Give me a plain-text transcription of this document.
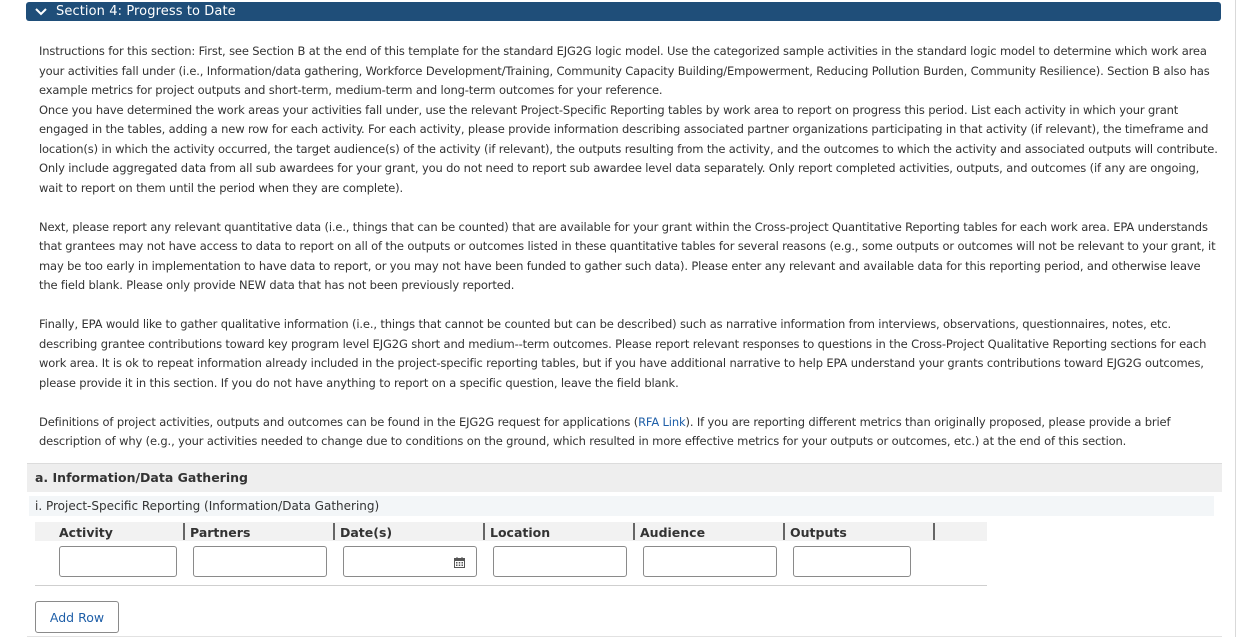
Section 4: Progress to Date

Instructions for this section: First, see Section B at the end of this template for the standard EJG2G logic model. Use the categorized sample activities in the standard logic model to determine which work area your activities fall under (i.e., Information/data gathering, Workforce Development/Training, Community Capacity Building/Empowerment, Reducing Pollution Burden, Community Resilience). Section B also has example metrics for project outputs and short-term, medium-term and long-term outcomes for your reference.

Once you have determined the work areas your activities fall under, use the relevant Project-Specific Reporting tables by work area to report on progress this period. List each activity in which your grant engaged in the tables, adding a new row for each activity. For each activity, please provide information describing associated partner organizations participating in that activity (if relevant), the timeframe and location(s) in which the activity occurred, the target audience(s) of the activity (if relevant), the outputs resulting from the activity, and the outcomes to which the activity and associated outputs will contribute. Only include aggregated data from all sub awardees for your grant, you do not need to report sub awardee level data separately. Only report completed activities, outputs, and outcomes (if any are ongoing, wait to report on them until the period when they are complete).

Next, please report any relevant quantitative data (i.e., things that can be counted) that are available for your grant within the Cross-project Quantitative Reporting tables for each work area. EPA understands that grantees may not have access to data to report on all of the outputs or outcomes listed in these quantitative tables for several reasons (e.g., some outputs or outcomes will not be relevant to your grant, it may be too early in implementation to have data to report, or you may not have been funded to gather such data). Please enter any relevant and available data for this reporting period, and otherwise leave the field blank. Please only provide NEW data that has not been previously reported.

Finally, EPA would like to gather qualitative information (i.e., things that cannot be counted but can be described) such as narrative information from interviews, observations, questionnaires, notes, etc. describing grantee contributions toward key program level EJG2G short and medium--term outcomes. Please report relevant responses to questions in the Cross-Project Qualitative Reporting sections for each work area. It is ok to repeat information already included in the project-specific reporting tables, but if you have additional narrative to help EPA understand your grants contributions toward EJG2G outcomes, please provide it in this section. If you do not have anything to report on a specific question, leave the field blank.

Definitions of project activities, outputs and outcomes can be found in the EJG2G request for applications (RFA Link). If you are reporting different metrics than originally proposed, please provide a brief description of why (e.g., your activities needed to change due to conditions on the ground, which resulted in more effective metrics for your outputs or outcomes, etc.) at the end of this section.

a. Information/Data Gathering
i. Project-Specific Reporting (Information/Data Gathering)
Activity	Partners	Date(s)	Location	Audience	Outputs
Add Row
